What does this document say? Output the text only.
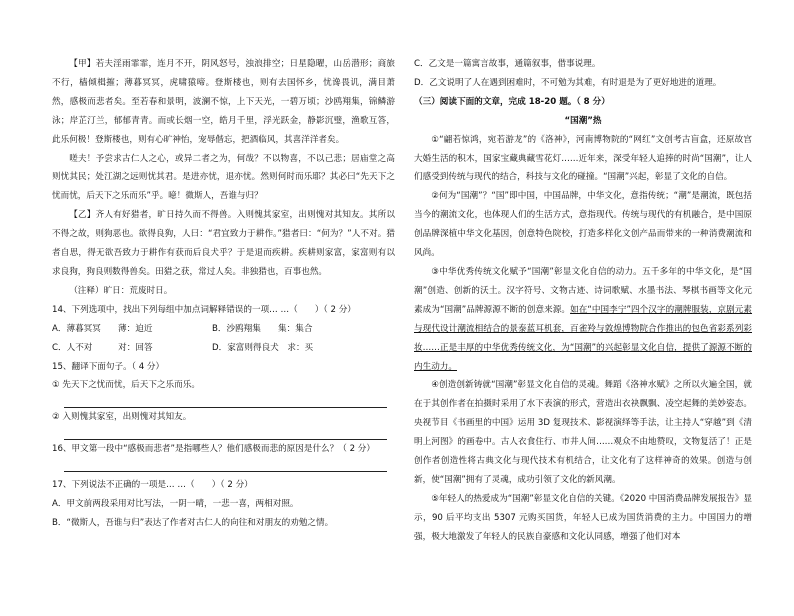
【甲】若夫淫雨霏霏，连月不开，阴风怒号，浊浪排空；日星隐曜，山岳潜形；商旅不行，樯倾楫摧；薄暮冥冥，虎啸猿啼。登斯楼也，则有去国怀乡，忧谗畏讥，满目萧然，感极而悲者矣。至若春和景明，波澜不惊，上下天光，一碧万顷；沙鸥翔集，锦鳞游泳；岸芷汀兰，郁郁青青。而或长烟一空，皓月千里，浮光跃金，静影沉璧，渔歌互答，此乐何极！登斯楼也，则有心旷神怡，宠辱偕忘，把酒临风，其喜洋洋者矣。

嗟夫！予尝求古仁人之心，或异二者之为，何哉？不以物喜，不以己悲；居庙堂之高则忧其民；处江湖之远则忧其君。是进亦忧，退亦忧。然则何时而乐耶？其必曰“先天下之忧而忧，后天下之乐而乐”乎。噫！微斯人，吾谁与归？

【乙】齐人有好猎者，旷日持久而不得兽。入则愧其家室，出则愧对其知友。其所以不得之故，则狗恶也。欲得良狗，人曰：“君宜致力于耕作。”猎者曰：“何为？”人不对。猎者自思，得无欲吾致力于耕作有获而后良犬乎？于是退而疾耕。疾耕则家富，家富则有以求良狗，狗良则数得兽矣。田猎之获，常过人矣。非独猎也，百事也然。

（注释）旷日：荒废时日。

14、下列选项中，找出下列每组中加点词解释错误的一项… …（　　）（ 2 分）

A．薄暮冥冥　　薄：迫近	B．沙鸥翔集　　集：集合
C．人不对　　　对：回答	D．家富则得良犬　求：买

15、翻译下面句子。（ 4 分）

① 先天下之忧而忧，后天下之乐而乐。

② 入则愧其家室，出则愧对其知友。

16、甲文第一段中“感极而悲者”是指哪些人？他们感极而悲的原因是什么？（ 2 分）

17、下列说法不正确的一项是… …（　　）（ 2 分）

A．甲文前两段采用对比写法，一阴一晴，一悲一喜，两相对照。

B．“微斯人，吾谁与归”表达了作者对古仁人的向往和对朋友的劝勉之情。

C．乙文是一篇寓言故事，通篇叙事，借事说理。

D．乙文说明了人在遇到困难时，不可勉为其难，有时退是为了更好地进的道理。

（三）阅读下面的文章，完成 18-20 题。（ 8 分）

“国潮”热

①“翩若惊鸿，宛若游龙”的《洛神》，河南博物院的“网红”文创考古盲盒，还原故宫大婚生活的积木，国家宝藏典藏雪花灯……近年来，深受年轻人追捧的时尚“国潮”，让人们感受到传统与现代的结合，科技与文化的碰撞。“国潮”兴起，彰显了文化的自信。

②何为“国潮”？“国”即中国，中国品牌，中华文化，意指传统；“潮”是潮流，既包括当今的潮流文化，也体现人们的生活方式，意指现代。传统与现代的有机融合，是中国原创品牌深植中华文化基因，创意特色院校，打造多样化文创产品而带来的一种消费潮流和风尚。

③中华优秀传统文化赋予“国潮”彰显文化自信的动力。五千多年的中华文化，是“国潮”创造、创新的沃土。汉字符号、文物古迹、诗词歌赋、水墨书法、琴棋书画等文化元素成为“国潮”品牌源源不断的创意来源。如在“中国李宁”四个汉字的潮牌服装，京剧元素与现代设计潮流相结合的景泰蓝耳机套，百雀羚与敦煌博物院合作推出的包色省彩系列彩妆……正是丰厚的中华优秀传统文化，为“国潮”的兴起彰显文化自信，提供了源源不断的内生动力。

④创造创新铸就“国潮”彰显文化自信的灵魂。舞蹈《洛神水赋》之所以火遍全国，就在于其创作者在拍摄时采用了水下表演的形式，营造出衣袂飘飘、凌空起舞的美妙姿态。央视节目《书画里的中国》运用 3D 复现技术、影视演绎等手法，让主持人“穿越”到《清明上河图》的画卷中。古人衣食住行、市井人间……观众不由地赞叹，文物复活了！正是创作者创造性将古典文化与现代技术有机结合，让文化有了这样神奇的效果。创造与创新，使“国潮”拥有了灵魂，成功引领了文化的新风潮。

⑤年轻人的热爱成为“国潮”彰显文化自信的关键。《2020 中国消费品牌发展报告》显示，90 后平均支出 5307 元购买国货，年轻人已成为国货消费的主力。中国国力的增强，极大地激发了年轻人的民族自豪感和文化认同感，增强了他们对本
